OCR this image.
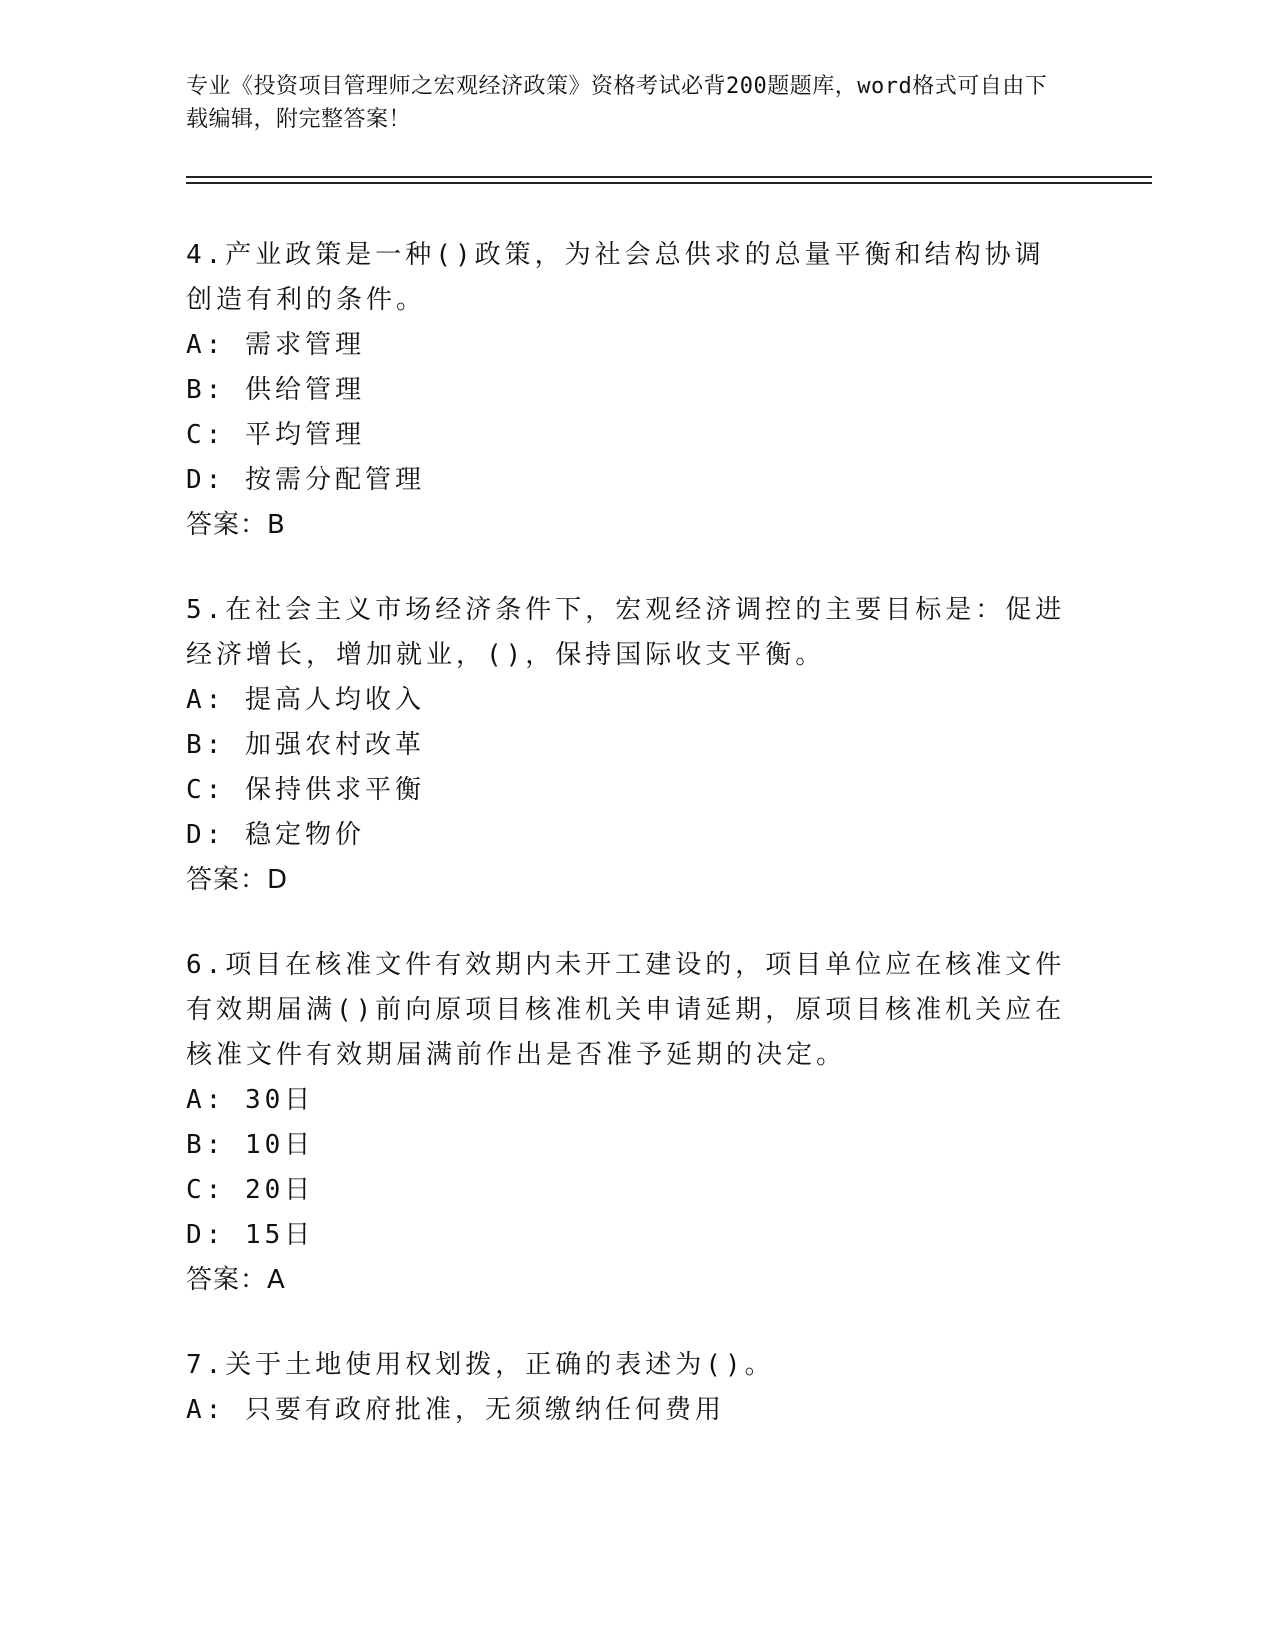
专业《投资项目管理师之宏观经济政策》资格考试必背200题题库，word格式可自由下载编辑，附完整答案！

4.产业政策是一种()政策，为社会总供求的总量平衡和结构协调创造有利的条件。

A: 需求管理

B: 供给管理

C: 平均管理

D: 按需分配管理

答案：B

5.在社会主义市场经济条件下，宏观经济调控的主要目标是：促进经济增长，增加就业，()，保持国际收支平衡。

A: 提高人均收入

B: 加强农村改革

C: 保持供求平衡

D: 稳定物价

答案：D

6.项目在核准文件有效期内未开工建设的，项目单位应在核准文件有效期届满()前向原项目核准机关申请延期，原项目核准机关应在核准文件有效期届满前作出是否准予延期的决定。

A: 30日

B: 10日

C: 20日

D: 15日

答案：A

7.关于土地使用权划拨，正确的表述为()。

A: 只要有政府批准，无须缴纳任何费用
